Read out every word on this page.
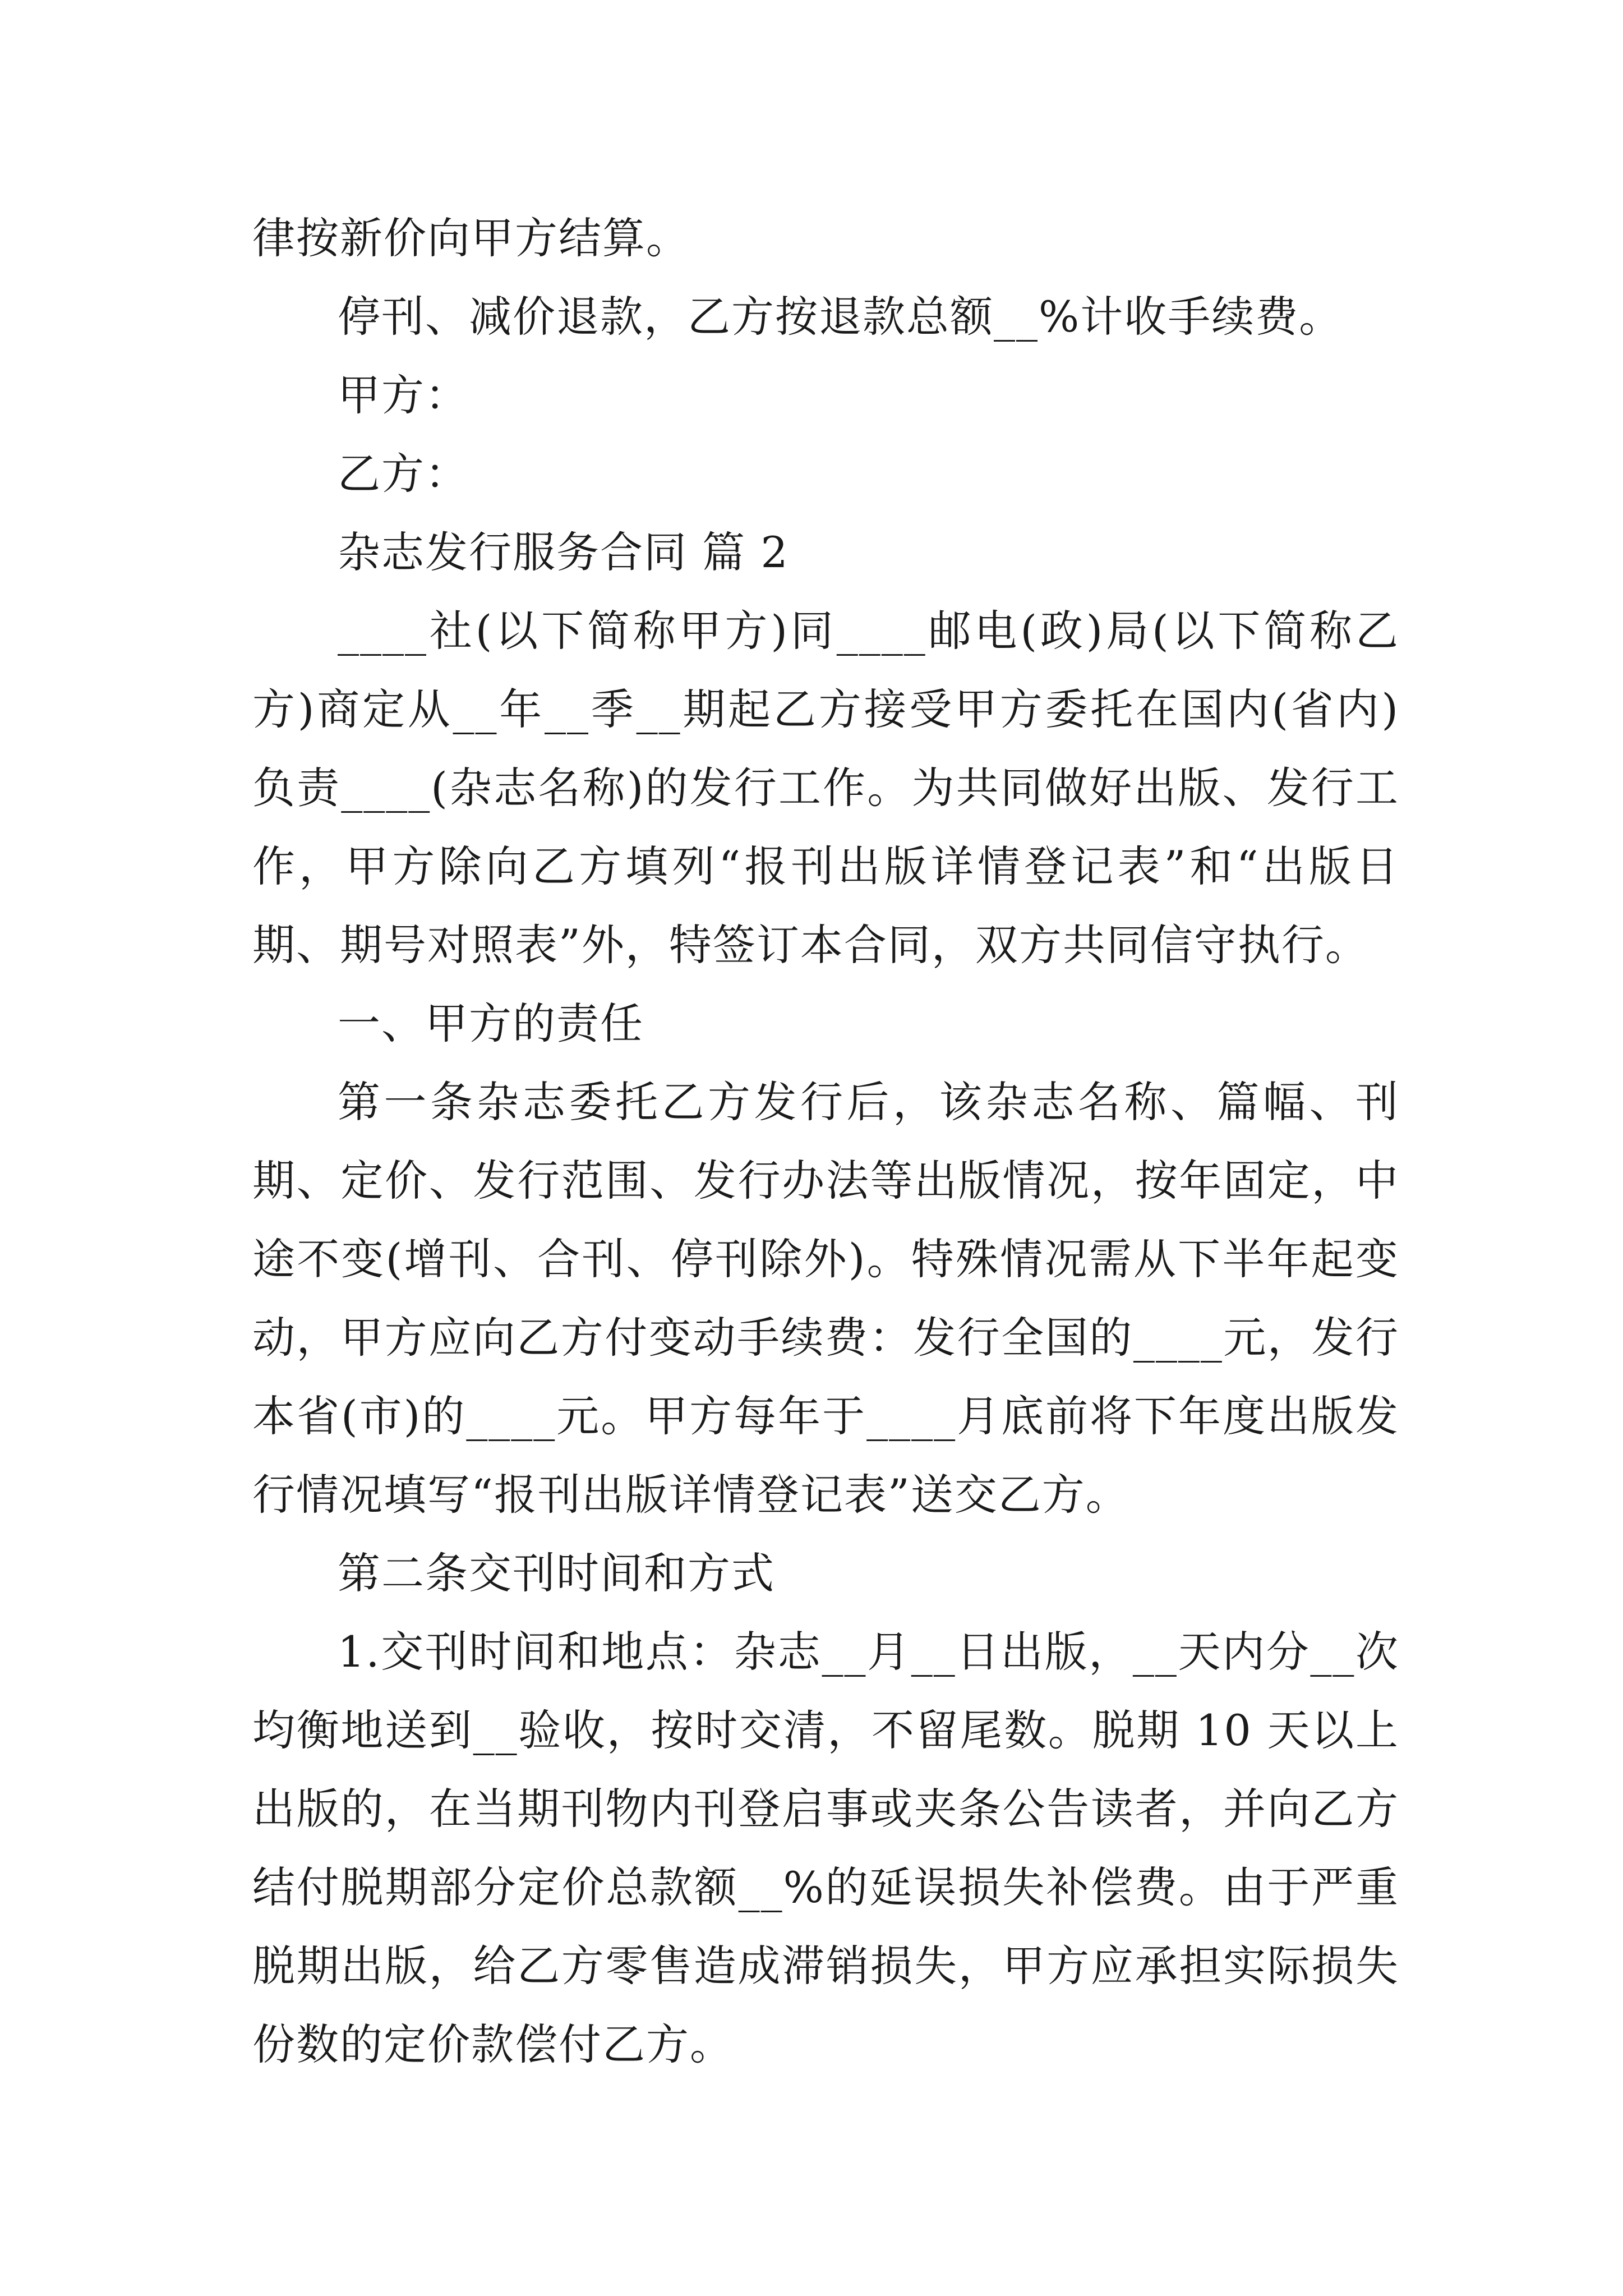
律按新价向甲方结算。
停刊、减价退款，乙方按退款总额__%计收手续费。
甲方：
乙方：
杂志发行服务合同 篇 2

____社(以下简称甲方)同____邮电(政)局(以下简称乙方)商定从__年__季__期起乙方接受甲方委托在国内(省内)负责____(杂志名称)的发行工作。为共同做好出版、发行工作，甲方除向乙方填列“报刊出版详情登记表”和“出版日期、期号对照表”外，特签订本合同，双方共同信守执行。

一、甲方的责任

第一条杂志委托乙方发行后，该杂志名称、篇幅、刊期、定价、发行范围、发行办法等出版情况，按年固定，中途不变(增刊、合刊、停刊除外)。特殊情况需从下半年起变动，甲方应向乙方付变动手续费：发行全国的____元，发行本省(市)的____元。甲方每年于____月底前将下年度出版发行情况填写“报刊出版详情登记表”送交乙方。

第二条交刊时间和方式

1.交刊时间和地点：杂志__月__日出版，__天内分__次均衡地送到__验收，按时交清，不留尾数。脱期 10 天以上出版的，在当期刊物内刊登启事或夹条公告读者，并向乙方结付脱期部分定价总款额__%的延误损失补偿费。由于严重脱期出版，给乙方零售造成滞销损失，甲方应承担实际损失份数的定价款偿付乙方。
